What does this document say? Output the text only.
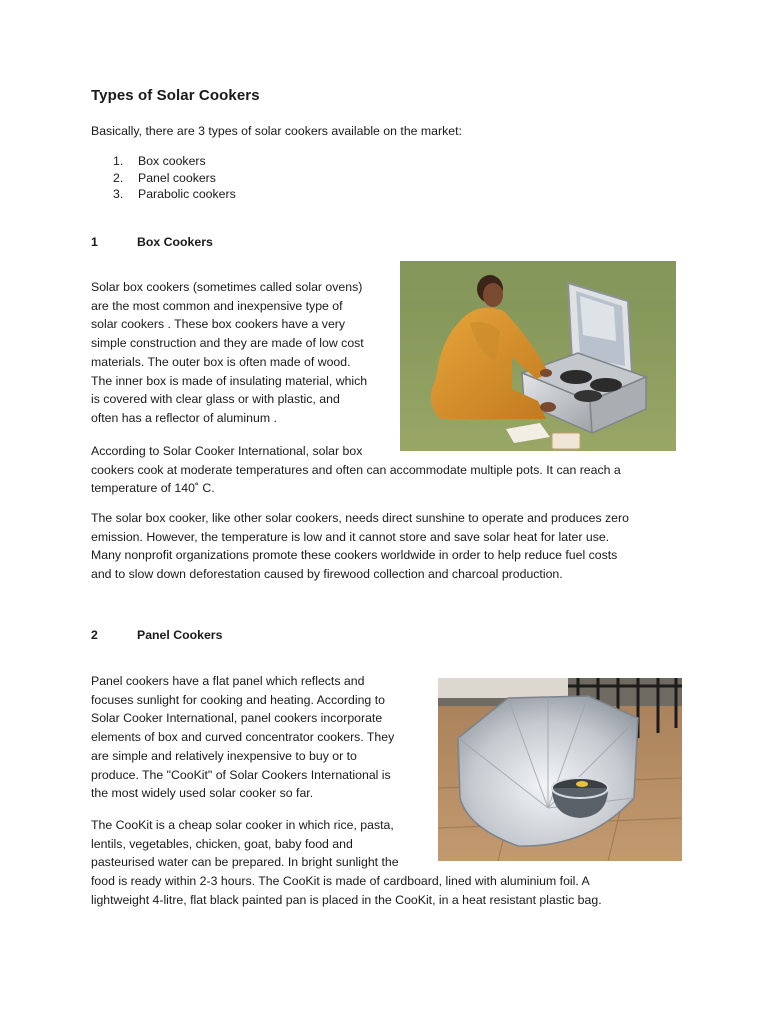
Types of Solar Cookers

Basically, there are 3 types of solar cookers available on the market:

1. Box cookers
2. Panel cookers
3. Parabolic cookers
1	Box Cookers
Solar box cookers (sometimes called solar ovens)
are the most common and inexpensive type of
solar cookers . These box cookers have a very
simple construction and they are made of low cost
materials. The outer box is often made of wood.
The inner box is made of insulating material, which
is covered with clear glass or with plastic, and
often has a reflector of aluminum .
According to Solar Cooker International, solar box
cookers cook at moderate temperatures and often can accommodate multiple pots. It can reach a
temperature of 140˚ C.
The solar box cooker, like other solar cookers, needs direct sunshine to operate and produces zero
emission. However, the temperature is low and it cannot store and save solar heat for later use.
Many nonprofit organizations promote these cookers worldwide in order to help reduce fuel costs
and to slow down deforestation caused by firewood collection and charcoal production.
2	Panel Cookers
Panel cookers have a flat panel which reflects and
focuses sunlight for cooking and heating. According to
Solar Cooker International, panel cookers incorporate
elements of box and curved concentrator cookers. They
are simple and relatively inexpensive to buy or to
produce. The "CooKit" of Solar Cookers International is
the most widely used solar cooker so far.
The CooKit is a cheap solar cooker in which rice, pasta,
lentils, vegetables, chicken, goat, baby food and
pasteurised water can be prepared. In bright sunlight the
food is ready within 2-3 hours. The CooKit is made of cardboard, lined with aluminium foil. A
lightweight 4-litre, flat black painted pan is placed in the CooKit, in a heat resistant plastic bag.
